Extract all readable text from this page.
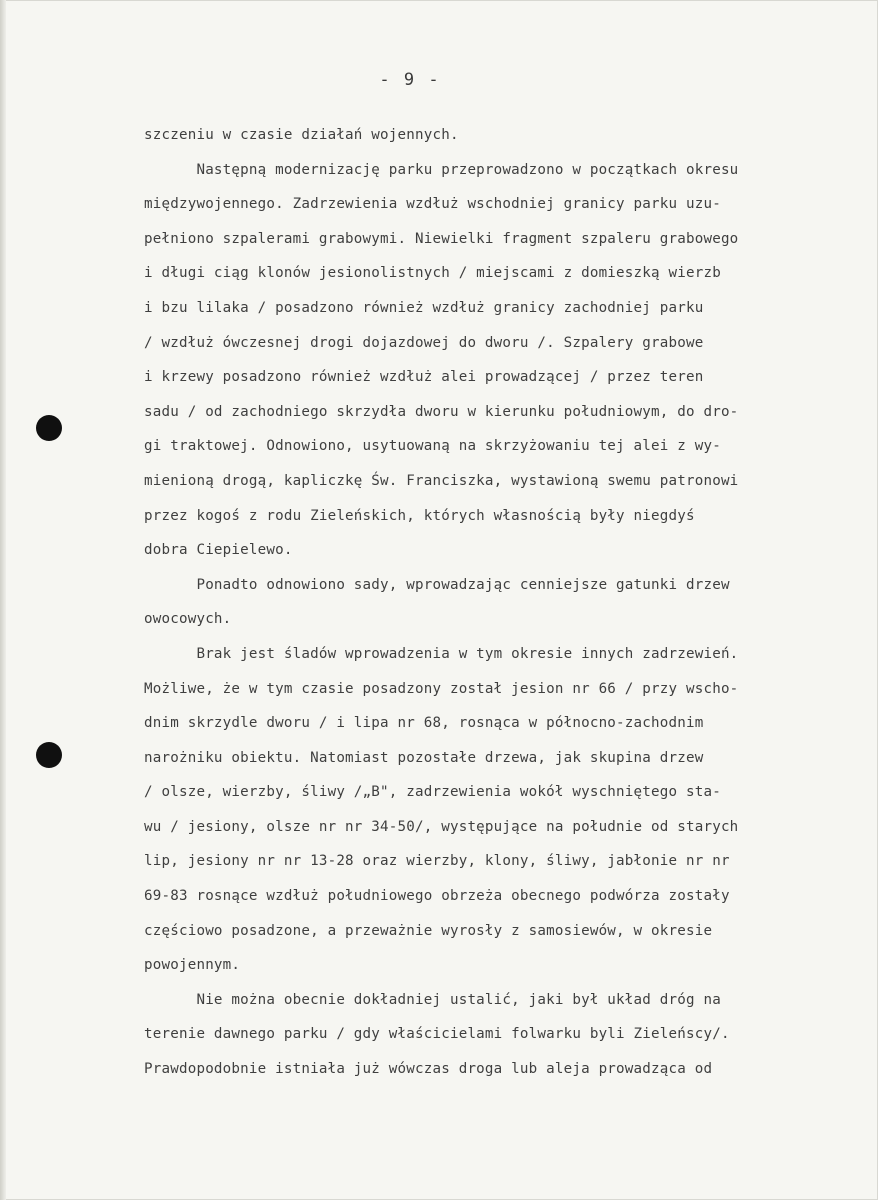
- 9 -
szczeniu w czasie działań wojennych.
Następną modernizację parku przeprowadzono w początkach okresu
międzywojennego. Zadrzewienia wzdłuż wschodniej granicy parku uzu-
pełniono szpalerami grabowymi. Niewielki fragment szpaleru grabowego
i długi ciąg klonów jesionolistnych / miejscami z domieszką wierzb
i bzu lilaka / posadzono również wzdłuż granicy zachodniej parku
/ wzdłuż ówczesnej drogi dojazdowej do dworu /. Szpalery grabowe
i krzewy posadzono również wzdłuż alei prowadzącej / przez teren
sadu / od zachodniego skrzydła dworu w kierunku południowym, do dro-
gi traktowej. Odnowiono, usytuowaną na skrzyżowaniu tej alei z wy-
mienioną drogą, kapliczkę Św. Franciszka, wystawioną swemu patronowi
przez kogoś z rodu Zieleńskich, których własnością były niegdyś
dobra Ciepielewo.
Ponadto odnowiono sady, wprowadzając cenniejsze gatunki drzew
owocowych.
Brak jest śladów wprowadzenia w tym okresie innych zadrzewień.
Możliwe, że w tym czasie posadzony został jesion nr 66 / przy wscho-
dnim skrzydle dworu / i lipa nr 68, rosnąca w północno-zachodnim
narożniku obiektu. Natomiast pozostałe drzewa, jak skupina drzew
/ olsze, wierzby, śliwy /„B", zadrzewienia wokół wyschniętego sta-
wu / jesiony, olsze nr nr 34-50/, występujące na południe od starych
lip, jesiony nr nr 13-28 oraz wierzby, klony, śliwy, jabłonie nr nr
69-83 rosnące wzdłuż południowego obrzeża obecnego podwórza zostały
częściowo posadzone, a przeważnie wyrosły z samosiewów, w okresie
powojennym.
Nie można obecnie dokładniej ustalić, jaki był układ dróg na
terenie dawnego parku / gdy właścicielami folwarku byli Zieleńscy/.
Prawdopodobnie istniała już wówczas droga lub aleja prowadząca od
